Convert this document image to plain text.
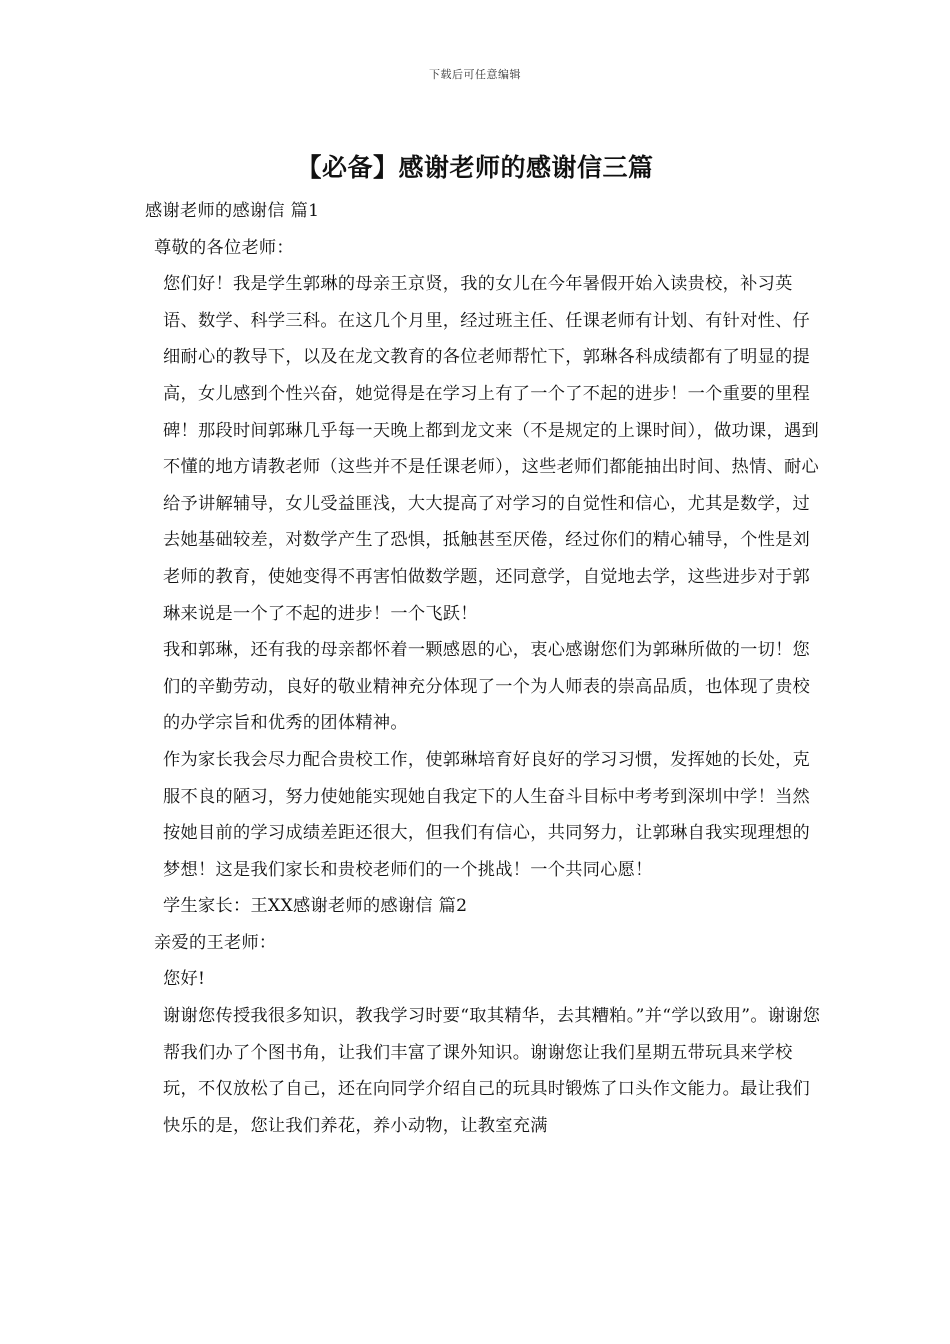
下载后可任意编辑
【必备】感谢老师的感谢信三篇

感谢老师的感谢信 篇1

尊敬的各位老师：

您们好！我是学生郭琳的母亲王京贤，我的女儿在今年暑假开始入读贵校，补习英语、数学、科学三科。在这几个月里，经过班主任、任课老师有计划、有针对性、仔细耐心的教导下，以及在龙文教育的各位老师帮忙下，郭琳各科成绩都有了明显的提高，女儿感到个性兴奋，她觉得是在学习上有了一个了不起的进步！一个重要的里程碑！那段时间郭琳几乎每一天晚上都到龙文来（不是规定的上课时间），做功课，遇到不懂的地方请教老师（这些并不是任课老师），这些老师们都能抽出时间、热情、耐心给予讲解辅导，女儿受益匪浅，大大提高了对学习的自觉性和信心，尤其是数学，过去她基础较差，对数学产生了恐惧，抵触甚至厌倦，经过你们的精心辅导，个性是刘老师的教育，使她变得不再害怕做数学题，还同意学，自觉地去学，这些进步对于郭琳来说是一个了不起的进步！一个飞跃！

我和郭琳，还有我的母亲都怀着一颗感恩的心，衷心感谢您们为郭琳所做的一切！您们的辛勤劳动，良好的敬业精神充分体现了一个为人师表的崇高品质，也体现了贵校的办学宗旨和优秀的团体精神。

作为家长我会尽力配合贵校工作，使郭琳培育好良好的学习习惯，发挥她的长处，克服不良的陋习，努力使她能实现她自我定下的人生奋斗目标中考考到深圳中学！当然按她目前的学习成绩差距还很大，但我们有信心，共同努力，让郭琳自我实现理想的梦想！这是我们家长和贵校老师们的一个挑战！一个共同心愿！

学生家长：王XX感谢老师的感谢信 篇2

亲爱的王老师：

您好!

谢谢您传授我很多知识，教我学习时要“取其精华，去其糟粕。”并“学以致用”。谢谢您帮我们办了个图书角，让我们丰富了课外知识。谢谢您让我们星期五带玩具来学校玩，不仅放松了自己，还在向同学介绍自己的玩具时锻炼了口头作文能力。最让我们快乐的是，您让我们养花，养小动物，让教室充满
